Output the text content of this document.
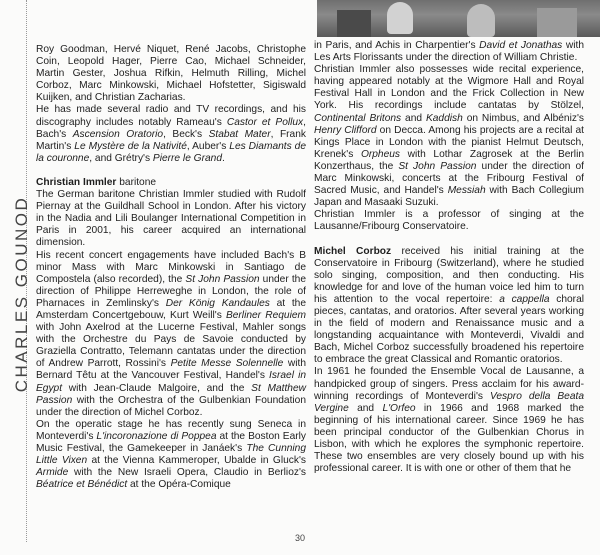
CHARLES GOUNOD

Roy Goodman, Hervé Niquet, René Jacobs, Christophe Coin, Leopold Hager, Pierre Cao, Michael Schneider, Martin Gester, Joshua Rifkin, Helmuth Rilling, Michel Corboz, Marc Minkowski, Michael Hofstetter, Sigiswald Kuijken, and Christian Zacharias.

He has made several radio and TV recordings, and his discography includes notably Rameau's Castor et Pollux, Bach's Ascension Oratorio, Beck's Stabat Mater, Frank Martin's Le Mystère de la Nativité, Auber's Les Diamants de la couronne, and Grétry's Pierre le Grand.

Christian Immler baritone

The German baritone Christian Immler studied with Rudolf Piernay at the Guildhall School in London. After his victory in the Nadia and Lili Boulanger International Competition in Paris in 2001, his career acquired an international dimension.

His recent concert engagements have included Bach's B minor Mass with Marc Minkowski in Santiago de Compostela (also recorded), the St John Passion under the direction of Philippe Herreweghe in London, the role of Pharnaces in Zemlinsky's Der König Kandaules at the Amsterdam Concertgebouw, Kurt Weill's Berliner Requiem with John Axelrod at the Lucerne Festival, Mahler songs with the Orchestre du Pays de Savoie conducted by Graziella Contratto, Telemann cantatas under the direction of Andrew Parrott, Rossini's Petite Messe Solennelle with Bernard Têtu at the Vancouver Festival, Handel's Israel in Egypt with Jean-Claude Malgoire, and the St Matthew Passion with the Orchestra of the Gulbenkian Foundation under the direction of Michel Corboz.

On the operatic stage he has recently sung Seneca in Monteverdi's L'incoronazione di Poppea at the Boston Early Music Festival, the Gamekeeper in Janáek's The Cunning Little Vixen at the Vienna Kammeroper, Ubalde in Gluck's Armide with the New Israeli Opera, Claudio in Berlioz's Béatrice et Bénédict at the Opéra-Comique

in Paris, and Achis in Charpentier's David et Jonathas with Les Arts Florissants under the direction of William Christie.

Christian Immler also possesses wide recital experience, having appeared notably at the Wigmore Hall and Royal Festival Hall in London and the Frick Collection in New York. His recordings include cantatas by Stölzel, Continental Britons and Kaddish on Nimbus, and Albéniz's Henry Clifford on Decca. Among his projects are a recital at Kings Place in London with the pianist Helmut Deutsch, Krenek's Orpheus with Lothar Zagrosek at the Berlin Konzerthaus, the St John Passion under the direction of Marc Minkowski, concerts at the Fribourg Festival of Sacred Music, and Handel's Messiah with Bach Collegium Japan and Masaaki Suzuki.

Christian Immler is a professor of singing at the Lausanne/Fribourg Conservatoire.

Michel Corboz received his initial training at the Conservatoire in Fribourg (Switzerland), where he studied solo singing, composition, and then conducting. His knowledge for and love of the human voice led him to turn his attention to the vocal repertoire: a cappella choral pieces, cantatas, and oratorios. After several years working in the field of modern and Renaissance music and a longstanding acquaintance with Monteverdi, Vivaldi and Bach, Michel Corboz successfully broadened his repertoire to embrace the great Classical and Romantic oratorios.

In 1961 he founded the Ensemble Vocal de Lausanne, a handpicked group of singers. Press acclaim for his award-winning recordings of Monteverdi's Vespro della Beata Vergine and L'Orfeo in 1966 and 1968 marked the beginning of his international career. Since 1969 he has been principal conductor of the Gulbenkian Chorus in Lisbon, with which he explores the symphonic repertoire. These two ensembles are very closely bound up with his professional career. It is with one or other of them that he

30
